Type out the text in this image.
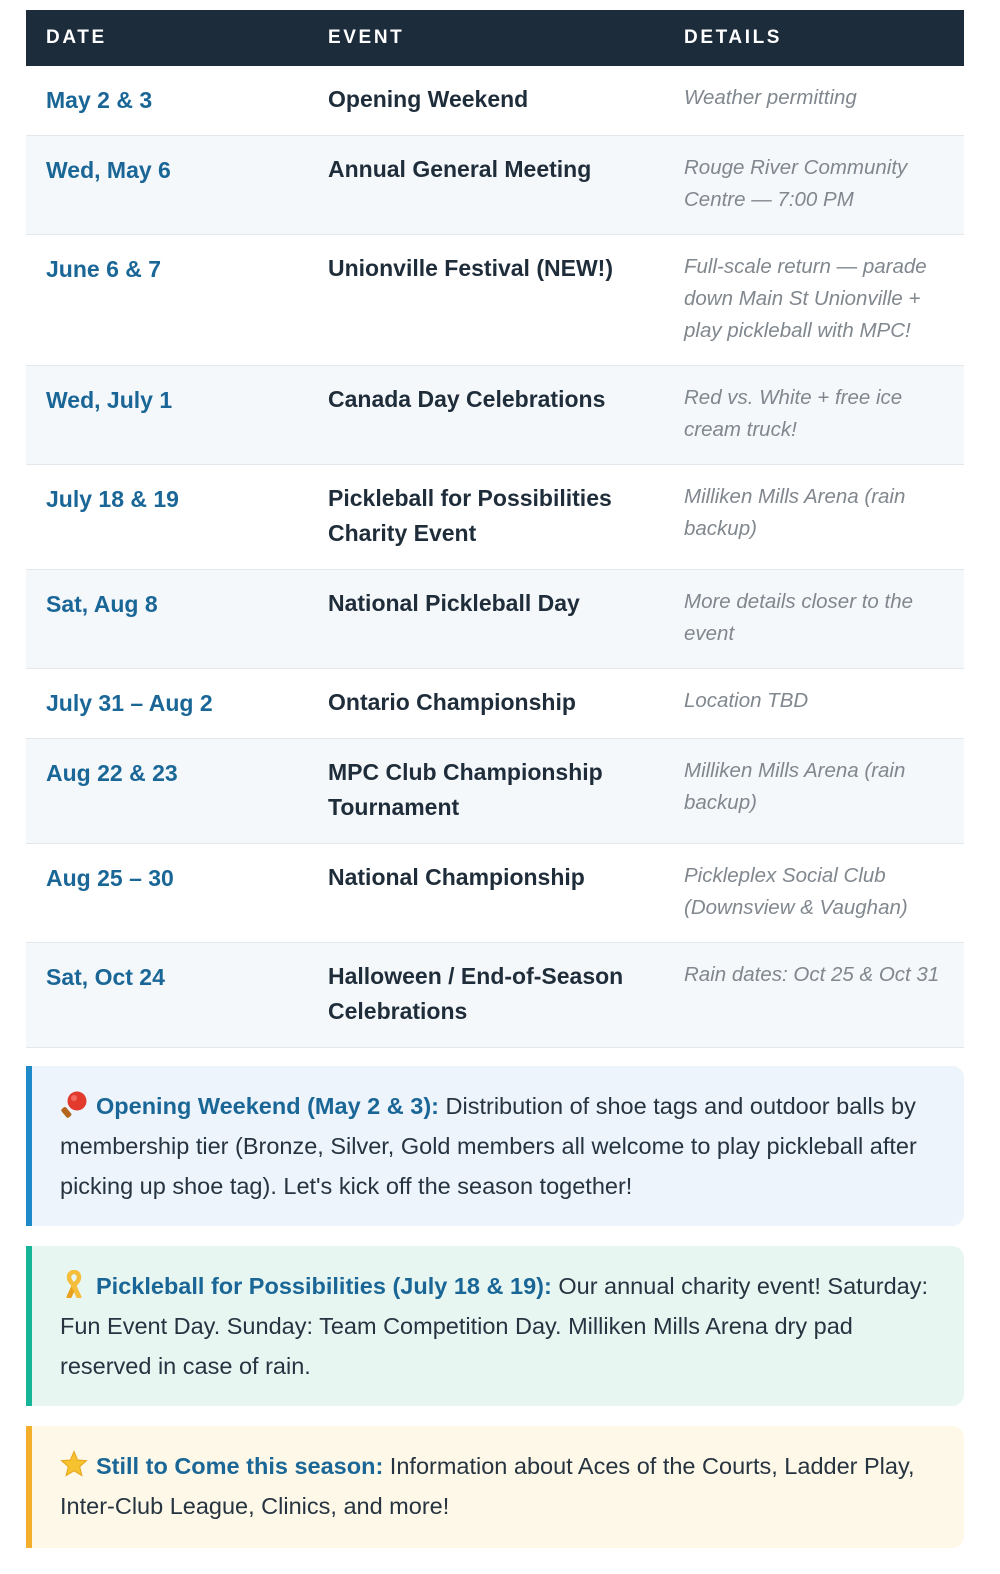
DATE	EVENT	DETAILS
May 2 & 3	Opening Weekend	Weather permitting
Wed, May 6	Annual General Meeting	Rouge River Community Centre — 7:00 PM
June 6 & 7	Unionville Festival (NEW!)	Full-scale return — parade down Main St Unionville + play pickleball with MPC!
Wed, July 1	Canada Day Celebrations	Red vs. White + free ice cream truck!
July 18 & 19	Pickleball for Possibilities Charity Event	Milliken Mills Arena (rain backup)
Sat, Aug 8	National Pickleball Day	More details closer to the event
July 31 – Aug 2	Ontario Championship	Location TBD
Aug 22 & 23	MPC Club Championship Tournament	Milliken Mills Arena (rain backup)
Aug 25 – 30	National Championship	Pickleplex Social Club (Downsview & Vaughan)
Sat, Oct 24	Halloween / End-of-Season Celebrations	Rain dates: Oct 25 & Oct 31
Opening Weekend (May 2 & 3): Distribution of shoe tags and outdoor balls by membership tier (Bronze, Silver, Gold members all welcome to play pickleball after picking up shoe tag). Let's kick off the season together!
Pickleball for Possibilities (July 18 & 19): Our annual charity event! Saturday: Fun Event Day. Sunday: Team Competition Day. Milliken Mills Arena dry pad reserved in case of rain.
Still to Come this season: Information about Aces of the Courts, Ladder Play, Inter-Club League, Clinics, and more!
